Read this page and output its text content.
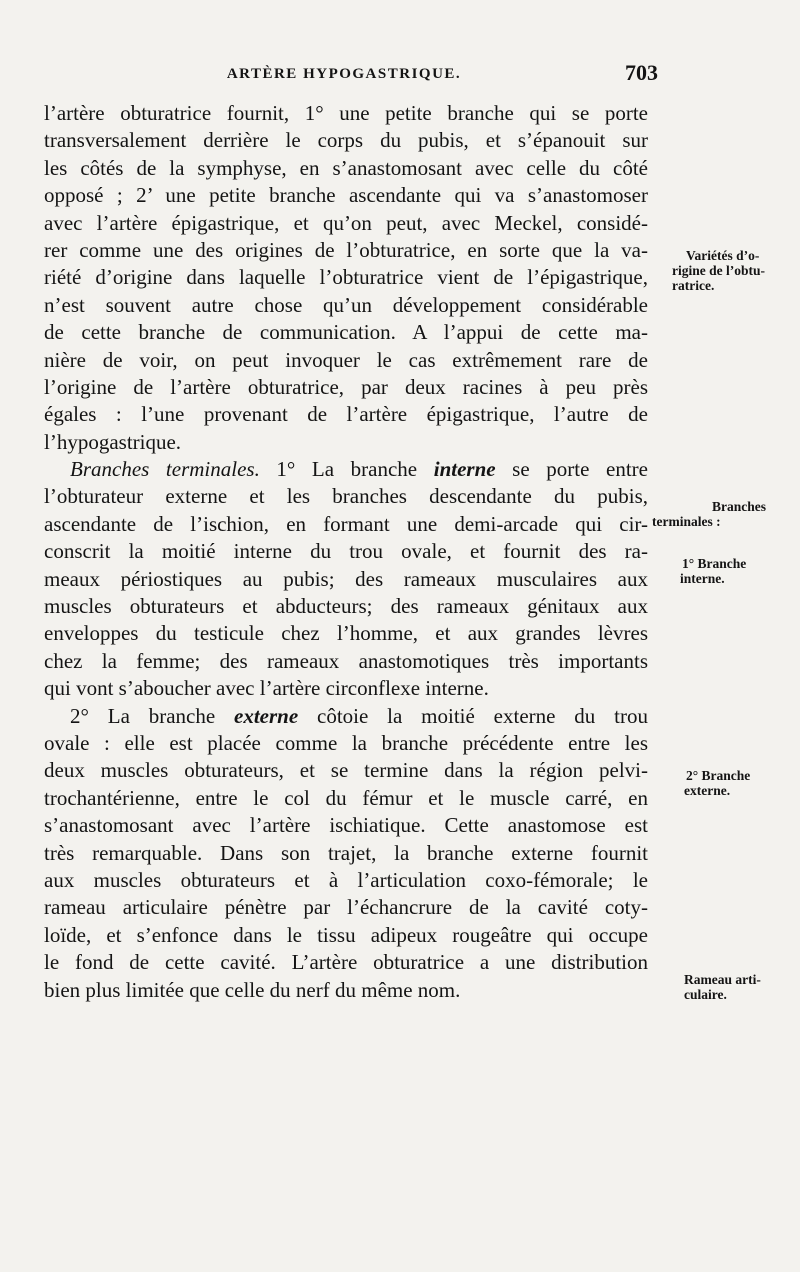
ARTÈRE HYPOGASTRIQUE.	703
l’artère obturatrice fournit, 1° une petite branche qui se porte
transversalement derrière le corps du pubis, et s’épanouit sur
les côtés de la symphyse, en s’anastomosant avec celle du côté
opposé ; 2’ une petite branche ascendante qui va s’anastomoser
avec l’artère épigastrique, et qu’on peut, avec Meckel, considé-
rer comme une des origines de l’obturatrice, en sorte que la va-
riété d’origine dans laquelle l’obturatrice vient de l’épigastrique,
n’est souvent autre chose qu’un développement considérable
de cette branche de communication. A l’appui de cette ma-
nière de voir, on peut invoquer le cas extrêmement rare de
l’origine de l’artère obturatrice, par deux racines à peu près
égales : l’une provenant de l’artère épigastrique, l’autre de
l’hypogastrique.
Branches terminales. 1° La branche interne se porte entre
l’obturateur externe et les branches descendante du pubis,
ascendante de l’ischion, en formant une demi-arcade qui cir-
conscrit la moitié interne du trou ovale, et fournit des ra-
meaux périostiques au pubis; des rameaux musculaires aux
muscles obturateurs et abducteurs; des rameaux génitaux aux
enveloppes du testicule chez l’homme, et aux grandes lèvres
chez la femme; des rameaux anastomotiques très importants
qui vont s’aboucher avec l’artère circonflexe interne.
2° La branche externe côtoie la moitié externe du trou
ovale : elle est placée comme la branche précédente entre les
deux muscles obturateurs, et se termine dans la région pelvi-
trochantérienne, entre le col du fémur et le muscle carré, en
s’anastomosant avec l’artère ischiatique. Cette anastomose est
très remarquable. Dans son trajet, la branche externe fournit
aux muscles obturateurs et à l’articulation coxo-fémorale; le
rameau articulaire pénètre par l’échancrure de la cavité coty-
loïde, et s’enfonce dans le tissu adipeux rougeâtre qui occupe
le fond de cette cavité. L’artère obturatrice a une distribution
bien plus limitée que celle du nerf du même nom.
Variétés d’o-
rigine de l’obtu-
ratrice.
Branches
terminales :
1° Branche
interne.
2° Branche
externe.
Rameau arti-
culaire.
